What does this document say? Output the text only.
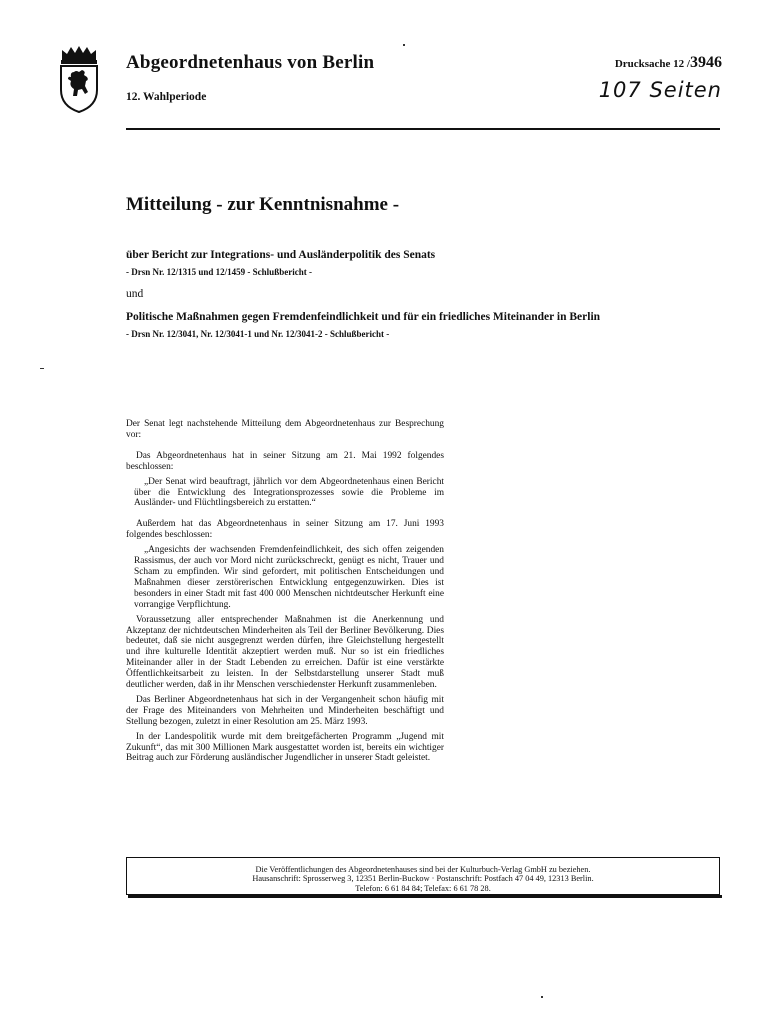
Abgeordnetenhaus von Berlin
12. Wahlperiode
Drucksache 12 /3946
107 Seiten
Mitteilung - zur Kenntnisnahme -
über Bericht zur Integrations- und Ausländerpolitik des Senats
- Drsn Nr. 12/1315 und 12/1459 - Schlußbericht -
und
Politische Maßnahmen gegen Fremdenfeindlichkeit und für ein friedliches Miteinander in Berlin
- Drsn Nr. 12/3041, Nr. 12/3041-1 und Nr. 12/3041-2 - Schlußbericht -

Der Senat legt nachstehende Mitteilung dem Abgeordnetenhaus zur Besprechung vor:

Das Abgeordnetenhaus hat in seiner Sitzung am 21. Mai 1992 folgendes beschlossen:

„Der Senat wird beauftragt, jährlich vor dem Abgeordnetenhaus einen Bericht über die Entwicklung des Integrationsprozesses sowie die Probleme im Ausländer- und Flüchtlingsbereich zu erstatten.“

Außerdem hat das Abgeordnetenhaus in seiner Sitzung am 17. Juni 1993 folgendes beschlossen:

„Angesichts der wachsenden Fremdenfeindlichkeit, des sich offen zeigenden Rassismus, der auch vor Mord nicht zurückschreckt, genügt es nicht, Trauer und Scham zu empfinden. Wir sind gefordert, mit politischen Entscheidungen und Maßnahmen dieser zerstörerischen Entwicklung entgegenzuwirken. Dies ist besonders in einer Stadt mit fast 400 000 Menschen nichtdeutscher Herkunft eine vorrangige Verpflichtung.

Voraussetzung aller entsprechender Maßnahmen ist die Anerkennung und Akzeptanz der nichtdeutschen Minderheiten als Teil der Berliner Bevölkerung. Dies bedeutet, daß sie nicht ausgegrenzt werden dürfen, ihre Gleichstellung hergestellt und ihre kulturelle Identität akzeptiert werden muß. Nur so ist ein friedliches Miteinander aller in der Stadt Lebenden zu erreichen. Dafür ist eine verstärkte Öffentlichkeitsarbeit zu leisten. In der Selbstdarstellung unserer Stadt muß deutlicher werden, daß in ihr Menschen verschiedenster Herkunft zusammenleben.

Das Berliner Abgeordnetenhaus hat sich in der Vergangenheit schon häufig mit der Frage des Miteinanders von Mehrheiten und Minderheiten beschäftigt und Stellung bezogen, zuletzt in einer Resolution am 25. März 1993.

In der Landespolitik wurde mit dem breitgefächerten Programm „Jugend mit Zukunft“, das mit 300 Millionen Mark ausgestattet worden ist, bereits ein wichtiger Beitrag auch zur Förderung ausländischer Jugendlicher in unserer Stadt geleistet.

Die Veröffentlichungen des Abgeordnetenhauses sind bei der Kulturbuch-Verlag GmbH zu beziehen.
Hausanschrift: Sprosserweg 3, 12351 Berlin-Buckow · Postanschrift: Postfach 47 04 49, 12313 Berlin.
Telefon: 6 61 84 84; Telefax: 6 61 78 28.
